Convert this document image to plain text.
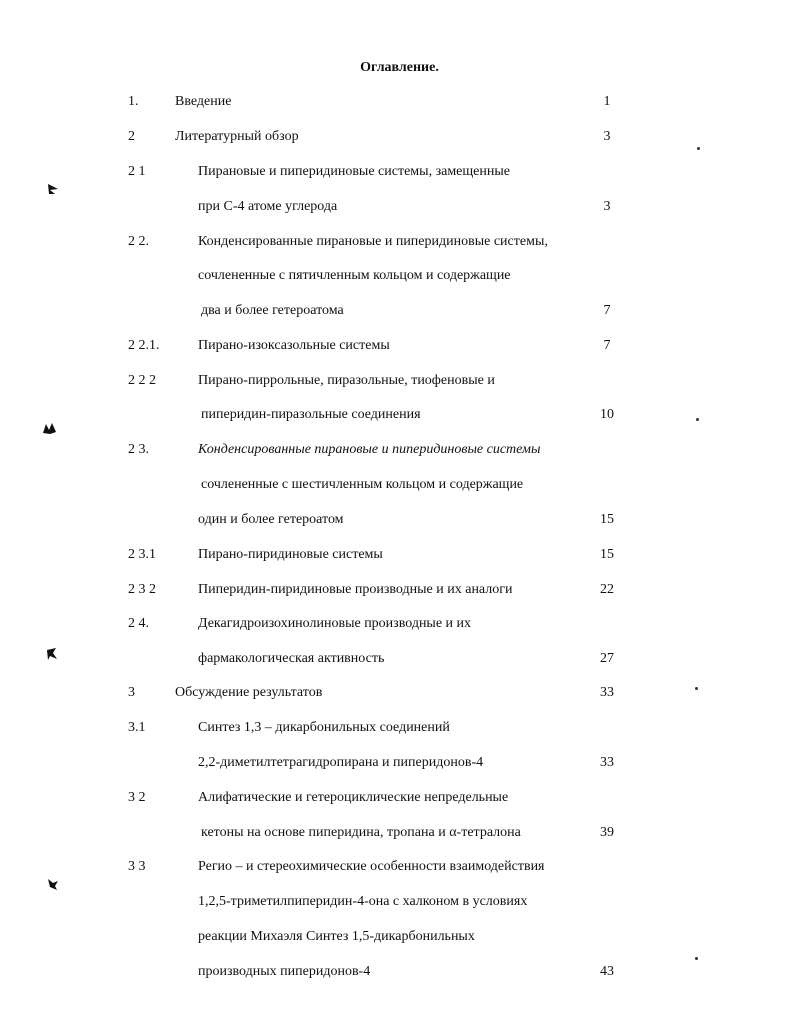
Оглавление.
1.	Введение	1
2	Литературный обзор	3
2 1	Пирановые и пиперидиновые системы, замещенные
при С-4 атоме углерода	3
2 2.	Конденсированные пирановые и пиперидиновые системы,
сочлененные с пятичленным кольцом и содержащие
два и более гетероатома	7
2 2.1.	Пирано-изоксазольные системы	7
2 2 2	Пирано-пиррольные, пиразольные, тиофеновые и
пиперидин-пиразольные соединения	10
2 3.	Конденсированные пирановые и пиперидиновые системы
сочлененные с шестичленным кольцом и содержащие
один и более гетероатом	15
2 3.1	Пирано-пиридиновые системы	15
2 3 2	Пиперидин-пиридиновые производные и их аналоги	22
2 4.	Декагидроизохинолиновые производные и их
фармакологическая активность	27
3	Обсуждение результатов	33
3.1	Синтез 1,3 – дикарбонильных соединений
2,2-диметилтетрагидропирана и пиперидонов-4	33
3 2	Алифатические и гетероциклические непредельные
кетоны на основе пиперидина, тропана и α-тетралона	39
3 3	Регио – и стереохимические особенности взаимодействия
1,2,5-триметилпиперидин-4-она с халконом в условиях
реакции Михаэля Синтез 1,5-дикарбонильных
производных пиперидонов-4	43
